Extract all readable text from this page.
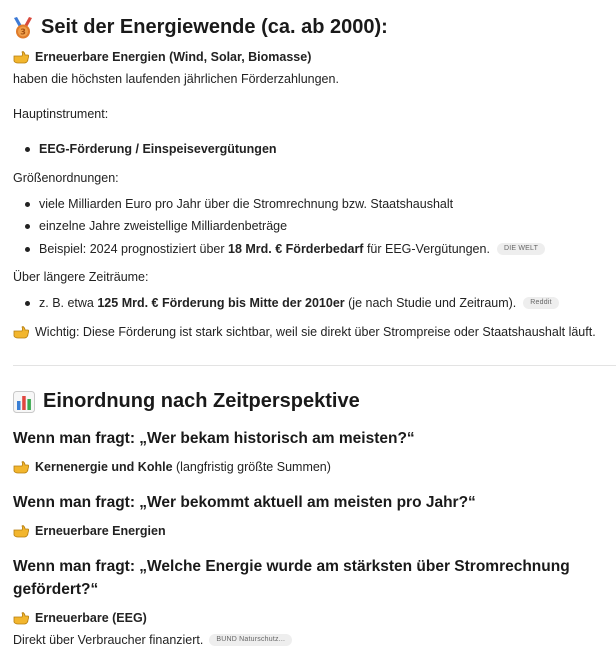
3 Seit der Energiewende (ca. ab 2000):
Erneuerbare Energien (Wind, Solar, Biomasse)
haben die höchsten laufenden jährlichen Förderzahlungen.
Hauptinstrument:
EEG-Förderung / Einspeisevergütungen
Größenordnungen:
viele Milliarden Euro pro Jahr über die Stromrechnung bzw. Staatshaushalt
einzelne Jahre zweistellige Milliardenbeträge
Beispiel: 2024 prognostiziert über 18 Mrd. € Förderbedarf für EEG-Vergütungen.	DIE WELT
Über längere Zeiträume:
z. B. etwa 125 Mrd. € Förderung bis Mitte der 2010er (je nach Studie und Zeitraum).	Reddit
Wichtig: Diese Förderung ist stark sichtbar, weil sie direkt über Strompreise oder Staatshaushalt läuft.
Einordnung nach Zeitperspektive
Wenn man fragt: „Wer bekam historisch am meisten?“
Kernenergie und Kohle (langfristig größte Summen)
Wenn man fragt: „Wer bekommt aktuell am meisten pro Jahr?“
Erneuerbare Energien
Wenn man fragt: „Welche Energie wurde am stärksten über Stromrechnung gefördert?“
Erneuerbare (EEG)
Direkt über Verbraucher finanziert.	BUND Naturschutz...
